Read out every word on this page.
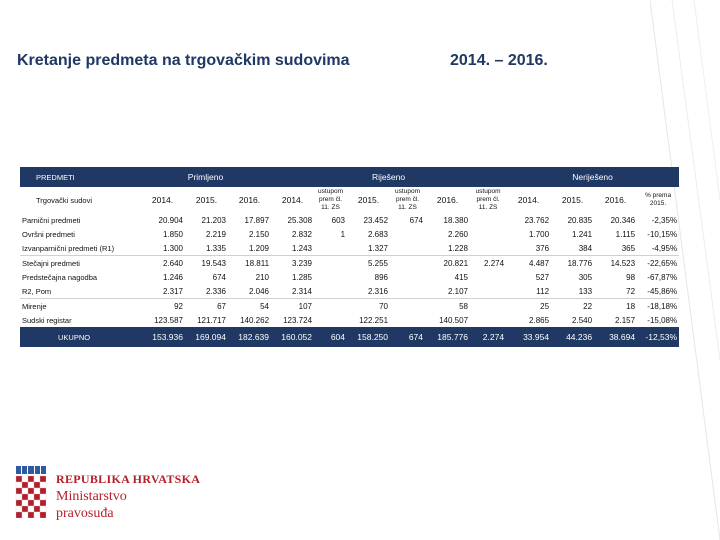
Kretanje predmeta na trgovačkim sudovima	2014. – 2016.
PREDMETI	Primljeno			Riješeno						Neriješeno			
Trgovački sudovi	2014.	2015.	2016.	2014.	ustupom prem čl. 11. ZS	2015.	ustupom prem čl. 11. ZS	2016.	ustupom prem čl. 11. ZS	2014.	2015.	2016.	% prema 2015.
Parnični predmeti	20.904	21.203	17.897	25.308	603	23.452	674	18.380		23.762	20.835	20.346	-2,35%
Ovršni predmeti	1.850	2.219	2.150	2.832	1	2.683		2.260		1.700	1.241	1.115	-10,15%
Izvanparnični predmeti (R1)	1.300	1.335	1.209	1.243		1.327		1.228		376	384	365	-4,95%
Stečajni predmeti	2.640	19.543	18.811	3.239		5.255		20.821	2.274	4.487	18.776	14.523	-22,65%
Predstečajna nagodba	1.246	674	210	1.285		896		415		527	305	98	-67,87%
R2, Pom	2.317	2.336	2.046	2.314		2.316		2.107		112	133	72	-45,86%
Mirenje	92	67	54	107		70		58		25	22	18	-18,18%
Sudski registar	123.587	121.717	140.262	123.724		122.251		140.507		2.865	2.540	2.157	-15,08%
UKUPNO	153.936	169.094	182.639	160.052	604	158.250	674	185.776	2.274	33.954	44.236	38.694	-12,53%
REPUBLIKA HRVATSKA
Ministarstvo
pravosuđa
